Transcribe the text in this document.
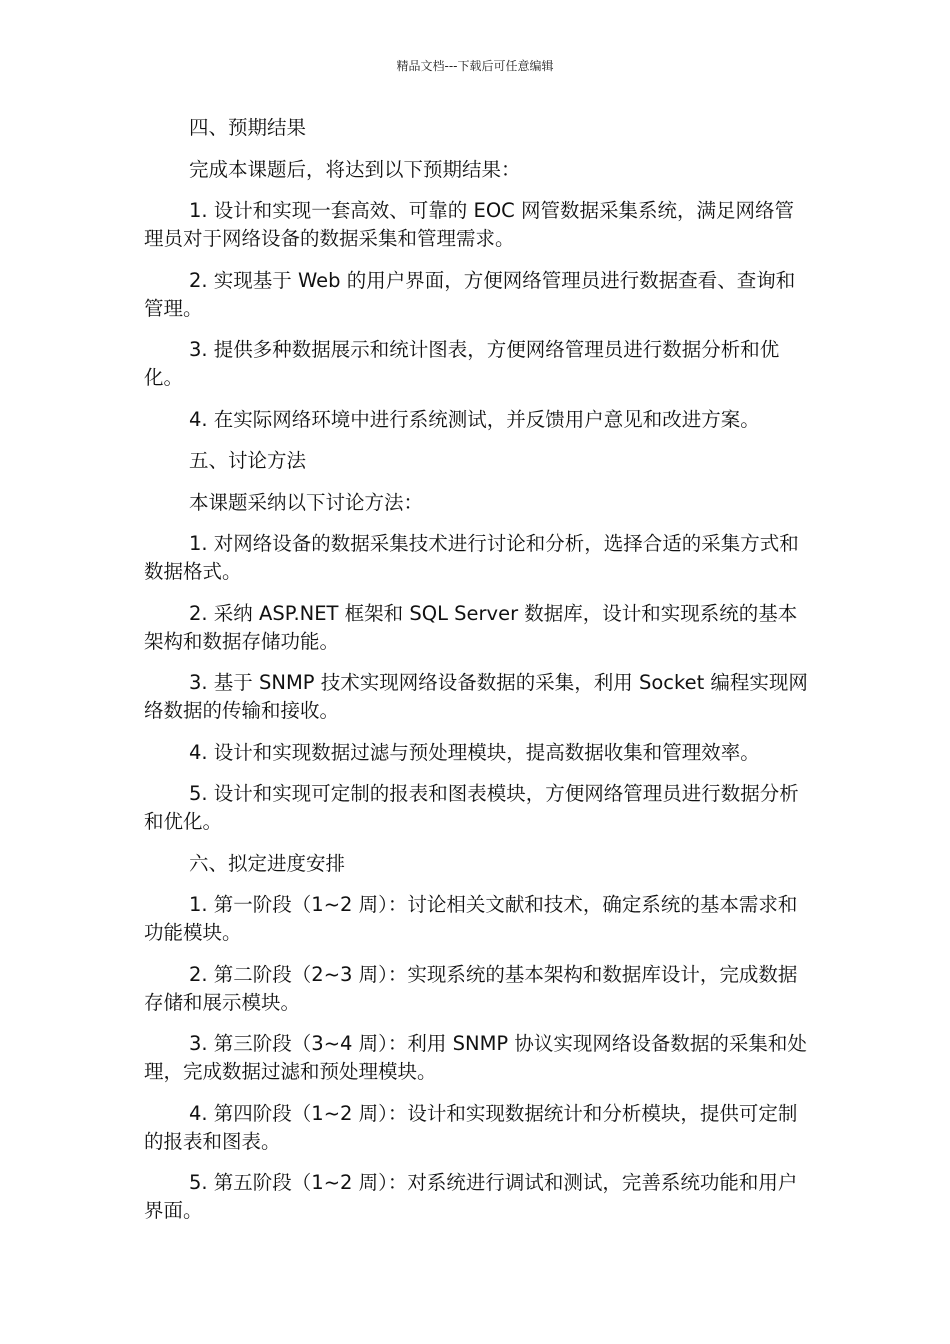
精品文档---下载后可任意编辑

四、预期结果

完成本课题后，将达到以下预期结果：

1. 设计和实现一套高效、可靠的 EOC 网管数据采集系统，满足网络管理员对于网络设备的数据采集和管理需求。

2. 实现基于 Web 的用户界面，方便网络管理员进行数据查看、查询和管理。

3. 提供多种数据展示和统计图表，方便网络管理员进行数据分析和优化。

4. 在实际网络环境中进行系统测试，并反馈用户意见和改进方案。

五、讨论方法

本课题采纳以下讨论方法：

1. 对网络设备的数据采集技术进行讨论和分析，选择合适的采集方式和数据格式。

2. 采纳 ASP.NET 框架和 SQL Server 数据库，设计和实现系统的基本架构和数据存储功能。

3. 基于 SNMP 技术实现网络设备数据的采集，利用 Socket 编程实现网络数据的传输和接收。

4. 设计和实现数据过滤与预处理模块，提高数据收集和管理效率。

5. 设计和实现可定制的报表和图表模块，方便网络管理员进行数据分析和优化。

六、拟定进度安排

1. 第一阶段（1~2 周）：讨论相关文献和技术，确定系统的基本需求和功能模块。

2. 第二阶段（2~3 周）：实现系统的基本架构和数据库设计，完成数据存储和展示模块。

3. 第三阶段（3~4 周）：利用 SNMP 协议实现网络设备数据的采集和处理，完成数据过滤和预处理模块。

4. 第四阶段（1~2 周）：设计和实现数据统计和分析模块，提供可定制的报表和图表。

5. 第五阶段（1~2 周）：对系统进行调试和测试，完善系统功能和用户界面。
